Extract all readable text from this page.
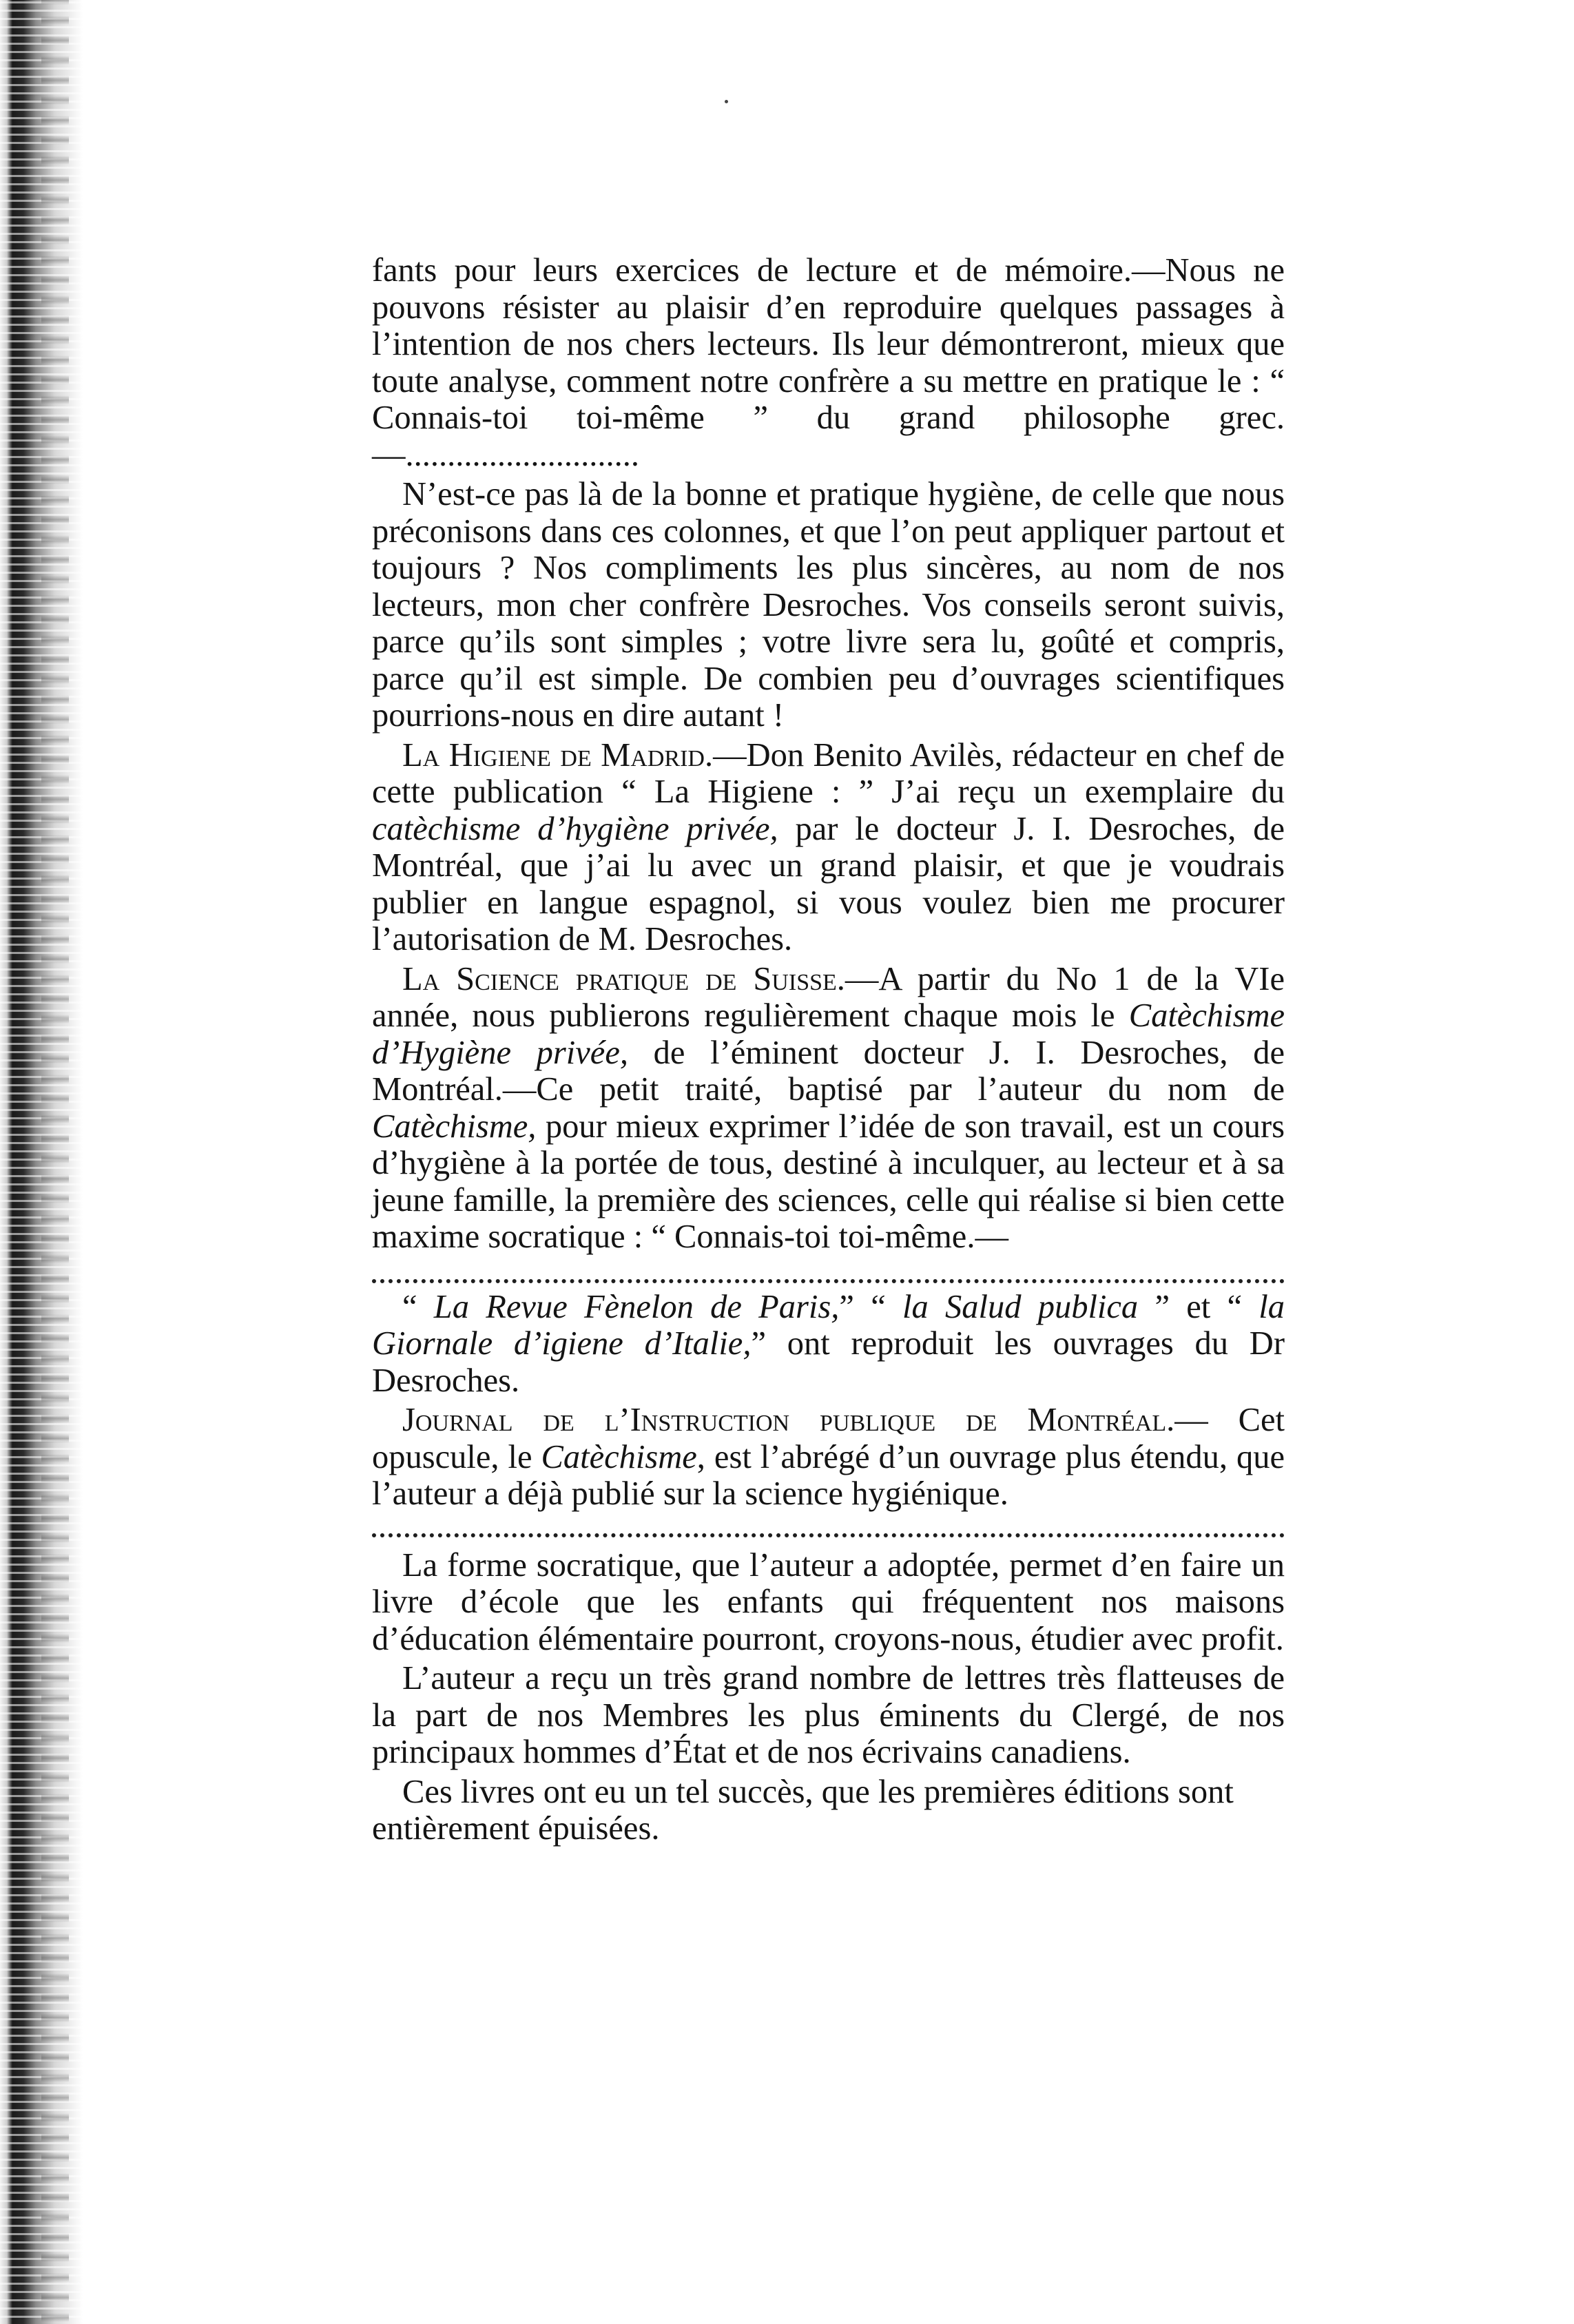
fants pour leurs exercices de lecture et de mémoire.—Nous ne pouvons résister au plaisir d’en reproduire quelques passages à l’intention de nos chers lecteurs. Ils leur démontreront, mieux que toute analyse, comment notre confrère a su mettre en pratique le : “ Connais-toi toi-même ” du grand philosophe grec.—............................

N’est-ce pas là de la bonne et pratique hygiène, de celle que nous préconisons dans ces colonnes, et que l’on peut appliquer partout et toujours ? Nos compliments les plus sincères, au nom de nos lecteurs, mon cher confrère Desroches. Vos conseils seront suivis, parce qu’ils sont simples ; votre livre sera lu, goûté et compris, parce qu’il est simple. De combien peu d’ouvrages scientifiques pourrions-nous en dire autant !

La Higiene de Madrid.—Don Benito Avilès, rédacteur en chef de cette publication “ La Higiene : ” J’ai reçu un exemplaire du catèchisme d’hygiène privée, par le docteur J. I. Desroches, de Montréal, que j’ai lu avec un grand plaisir, et que je voudrais publier en langue espagnol, si vous voulez bien me procurer l’autorisation de M. Desroches.

La Science pratique de Suisse.—A partir du No 1 de la VIe année, nous publierons regulièrement chaque mois le Catèchisme d’Hygiène privée, de l’éminent docteur J. I. Desroches, de Montréal.—Ce petit traité, baptisé par l’auteur du nom de Catèchisme, pour mieux exprimer l’idée de son travail, est un cours d’hygiène à la portée de tous, destiné à inculquer, au lecteur et à sa jeune famille, la première des sciences, celle qui réalise si bien cette maxime socratique : “ Connais-toi toi-même.—

“ La Revue Fènelon de Paris,” “ la Salud publica ” et “ la Giornale d’igiene d’Italie,” ont reproduit les ouvrages du Dr Desroches.

Journal de l’Instruction publique de Montréal.— Cet opuscule, le Catèchisme, est l’abrégé d’un ouvrage plus étendu, que l’auteur a déjà publié sur la science hygiénique.

La forme socratique, que l’auteur a adoptée, permet d’en faire un livre d’école que les enfants qui fréquentent nos maisons d’éducation élémentaire pourront, croyons-nous, étudier avec profit.

L’auteur a reçu un très grand nombre de lettres très flatteuses de la part de nos Membres les plus éminents du Clergé, de nos principaux hommes d’État et de nos écrivains canadiens.

Ces livres ont eu un tel succès, que les premières éditions sont entièrement épuisées.
